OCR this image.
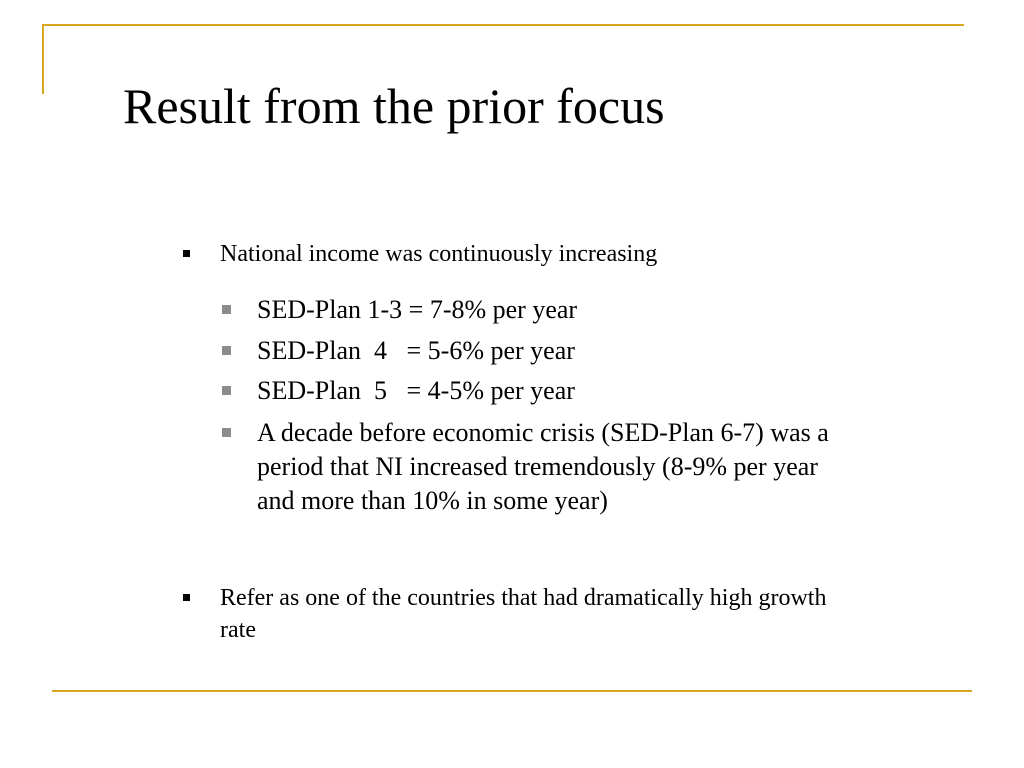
Result from the prior focus
National income was continuously increasing
SED-Plan 1-3 = 7-8% per year
SED-Plan  4   = 5-6% per year
SED-Plan  5   = 4-5% per year
A decade before economic crisis (SED-Plan 6-7) was a period that NI increased tremendously (8-9% per year and more than 10% in some year)
Refer as one of the countries that had dramatically high growth rate
